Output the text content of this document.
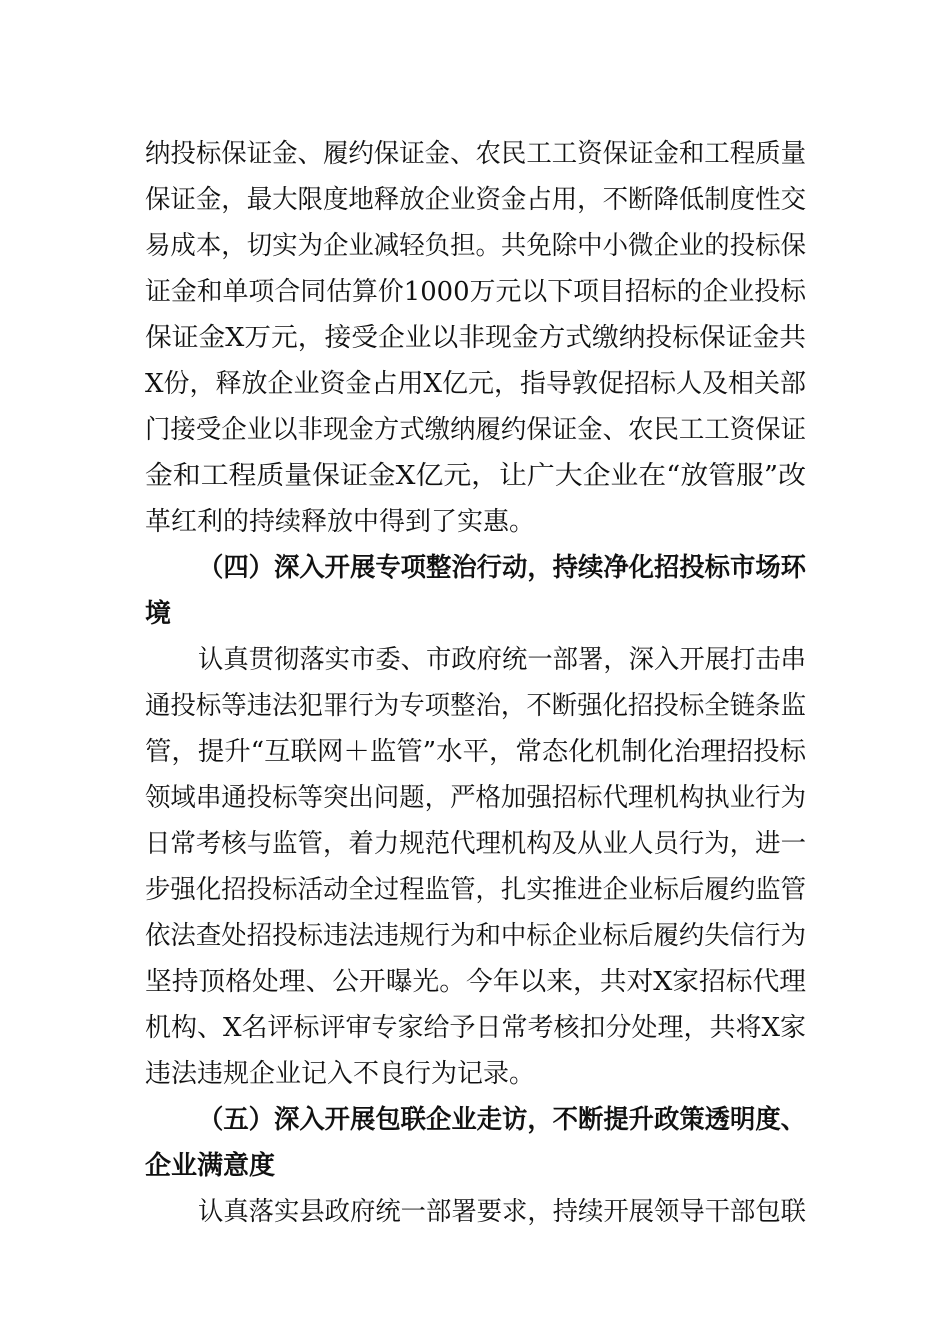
纳投标保证金、履约保证金、农民工工资保证金和工程质量
保证金，最大限度地释放企业资金占用，不断降低制度性交
易成本，切实为企业减轻负担。共免除中小微企业的投标保
证金和单项合同估算价1000万元以下项目招标的企业投标
保证金X万元，接受企业以非现金方式缴纳投标保证金共
X份，释放企业资金占用X亿元，指导敦促招标人及相关部
门接受企业以非现金方式缴纳履约保证金、农民工工资保证
金和工程质量保证金X亿元，让广大企业在“放管服”改
革红利的持续释放中得到了实惠。
（四）深入开展专项整治行动，持续净化招投标市场环
境
认真贯彻落实市委、市政府统一部署，深入开展打击串
通投标等违法犯罪行为专项整治，不断强化招投标全链条监
管，提升“互联网＋监管”水平，常态化机制化治理招投标
领域串通投标等突出问题，严格加强招标代理机构执业行为
日常考核与监管，着力规范代理机构及从业人员行为，进一
步强化招投标活动全过程监管，扎实推进企业标后履约监管
依法查处招投标违法违规行为和中标企业标后履约失信行为
坚持顶格处理、公开曝光。今年以来，共对X家招标代理
机构、X名评标评审专家给予日常考核扣分处理，共将X家
违法违规企业记入不良行为记录。
（五）深入开展包联企业走访，不断提升政策透明度、
企业满意度
认真落实县政府统一部署要求，持续开展领导干部包联
